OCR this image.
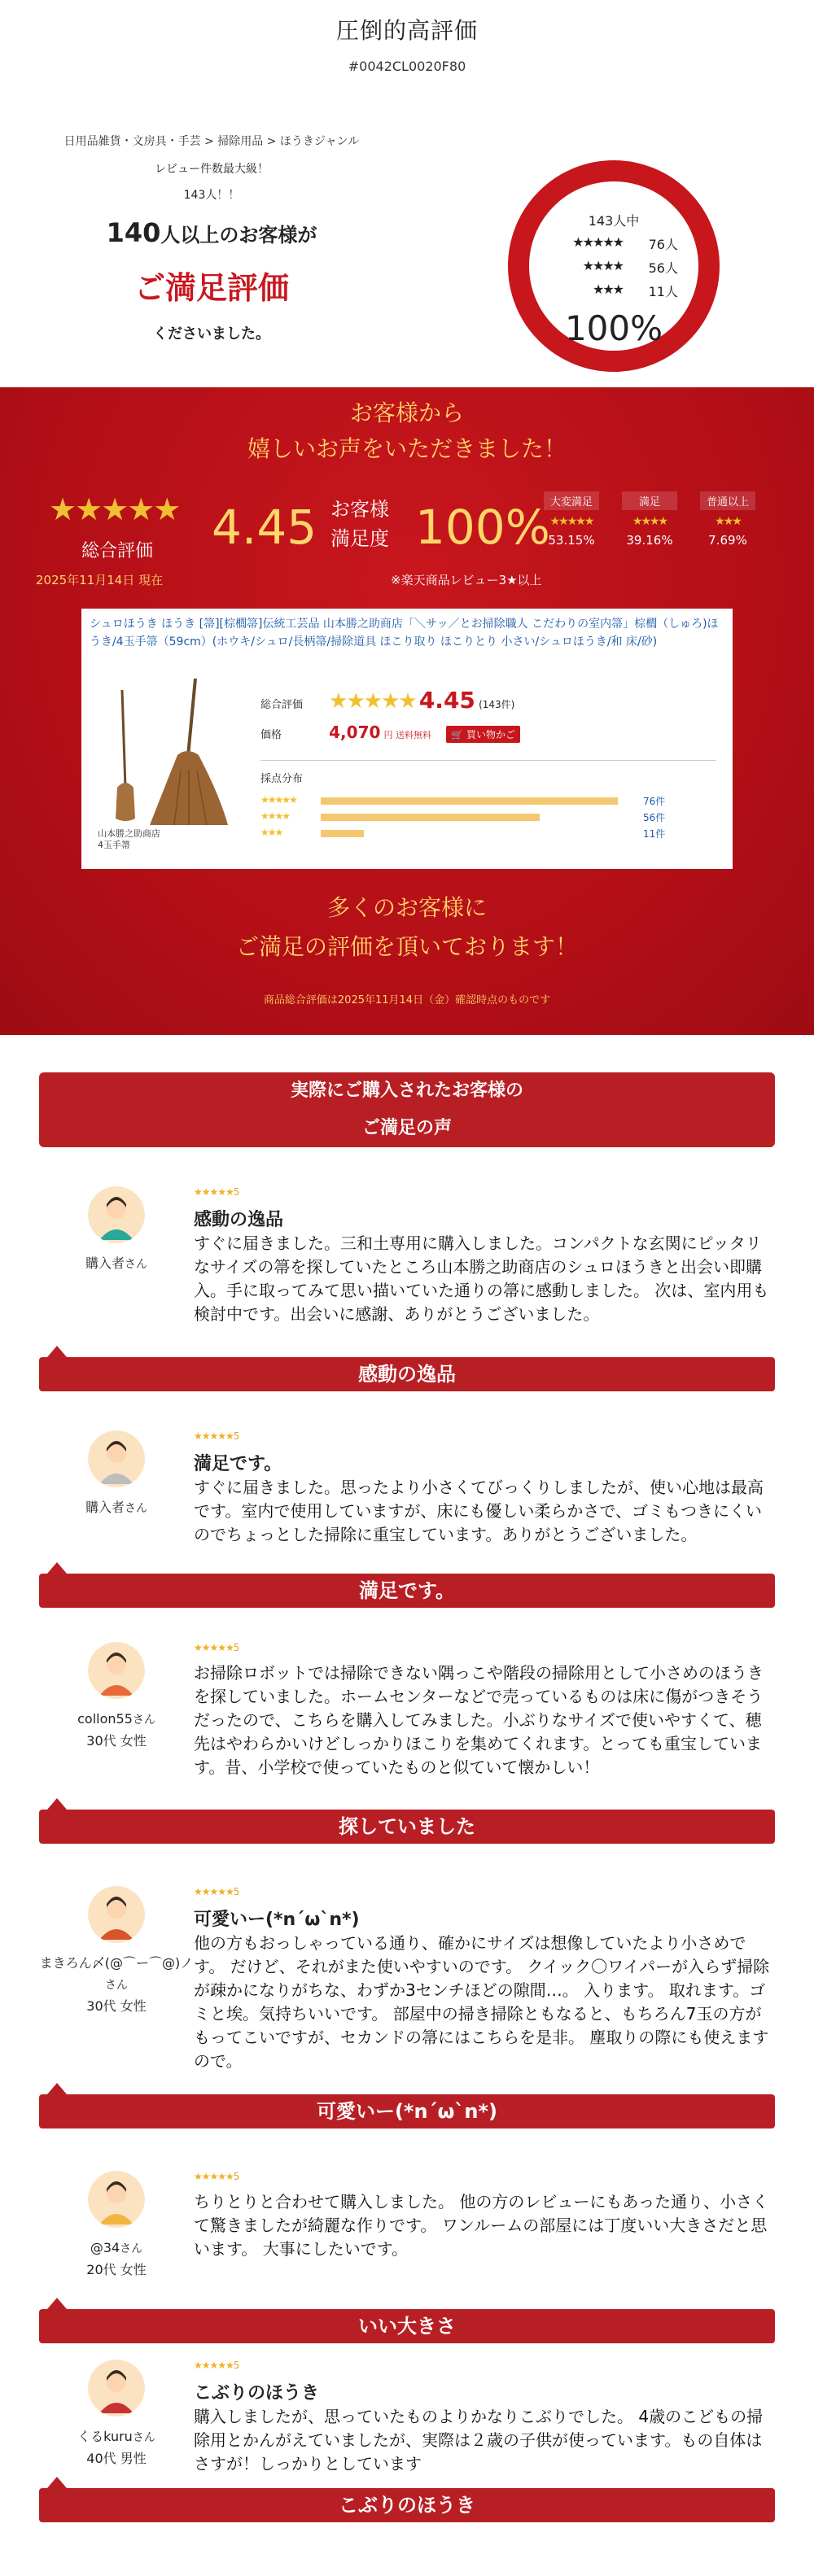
圧倒的高評価
#0042CL0020F80
日用品雑貨・文房具・手芸 > 掃除用品 > ほうきジャンル
レビュー件数最大級！
143人！！
140人以上のお客様が
ご満足評価
くださいました。
143人中
★★★★★	76人
★★★★	56人
★★★	11人
100%
お客様から
嬉しいお声をいただきました！
★★★★★
総合評価 4.45 お客様
満足度 100% 大変満足
★★★★★
53.15%
満足
★★★★
39.16%
普通以上
★★★
7.69%
2025年11月14日 現在	※楽天商品レビュー3★以上
シュロほうき ほうき [箒][棕櫚箒]伝統工芸品 山本勝之助商店「＼サッ／とお掃除職人 こだわりの室内箒」棕櫚（しゅろ)ほうき/4玉手箒（59cm）(ホウキ/シュロ/長柄箒/掃除道具 ほこり取り ほこりとり 小さい/シュロほうき/和 床/砂)
山本勝之助商店
4玉手箒
総合評価 ★★★★★ 4.45 (143件)
価格	4,070 円 送料無料 🛒 買い物かご
採点分布
★★★★★	76件
★★★★	56件
★★★	11件
多くのお客様に
ご満足の評価を頂いております！
商品総合評価は2025年11月14日（金）確認時点のものです
実際にご購入されたお客様の
ご満足の声
購入者さん
★★★★★5
感動の逸品
すぐに届きました。三和土専用に購入しました。コンパクトな玄関にピッタリなサイズの箒を探していたところ山本勝之助商店のシュロほうきと出会い即購入。手に取ってみて思い描いていた通りの箒に感動しました。 次は、室内用も検討中です。出会いに感謝、ありがとうございました。
感動の逸品
購入者さん
★★★★★5
満足です。
すぐに届きました。思ったより小さくてびっくりしましたが、使い心地は最高です。室内で使用していますが、床にも優しい柔らかさで、ゴミもつきにくいのでちょっとした掃除に重宝しています。ありがとうございました。
満足です。
collon55さん
30代 女性
★★★★★5
お掃除ロボットでは掃除できない隅っこや階段の掃除用として小さめのほうきを探していました。ホームセンターなどで売っているものは床に傷がつきそうだったので、こちらを購入してみました。小ぶりなサイズで使いやすくて、穂先はやわらかいけどしっかりほこりを集めてくれます。とっても重宝しています。昔、小学校で使っていたものと似ていて懐かしい！
探していました
まきろん〆(@⌒ー⌒@)ノさん
30代 女性
★★★★★5
可愛いー(*n´ω`n*)
他の方もおっしゃっている通り、確かにサイズは想像していたより小さめです。 だけど、それがまた使いやすいのです。 クイック〇ワイパーが入らず掃除が疎かになりがちな、わずか3センチほどの隙間…。 入ります。 取れます。ゴミと埃。気持ちいいです。 部屋中の掃き掃除ともなると、もちろん7玉の方がもってこいですが、セカンドの箒にはこちらを是非。 塵取りの際にも使えますので。
可愛いー(*n´ω`n*)
@34さん
20代 女性
★★★★★5
ちりとりと合わせて購入しました。 他の方のレビューにもあった通り、小さくて驚きましたが綺麗な作りです。 ワンルームの部屋には丁度いい大きさだと思います。 大事にしたいです。
いい大きさ
くるkuruさん
40代 男性
★★★★★5
こぶりのほうき
購入しましたが、思っていたものよりかなりこぶりでした。 4歳のこどもの掃除用とかんがえていましたが、実際は２歳の子供が使っています。もの自体はさすが！しっかりとしています
こぶりのほうき
